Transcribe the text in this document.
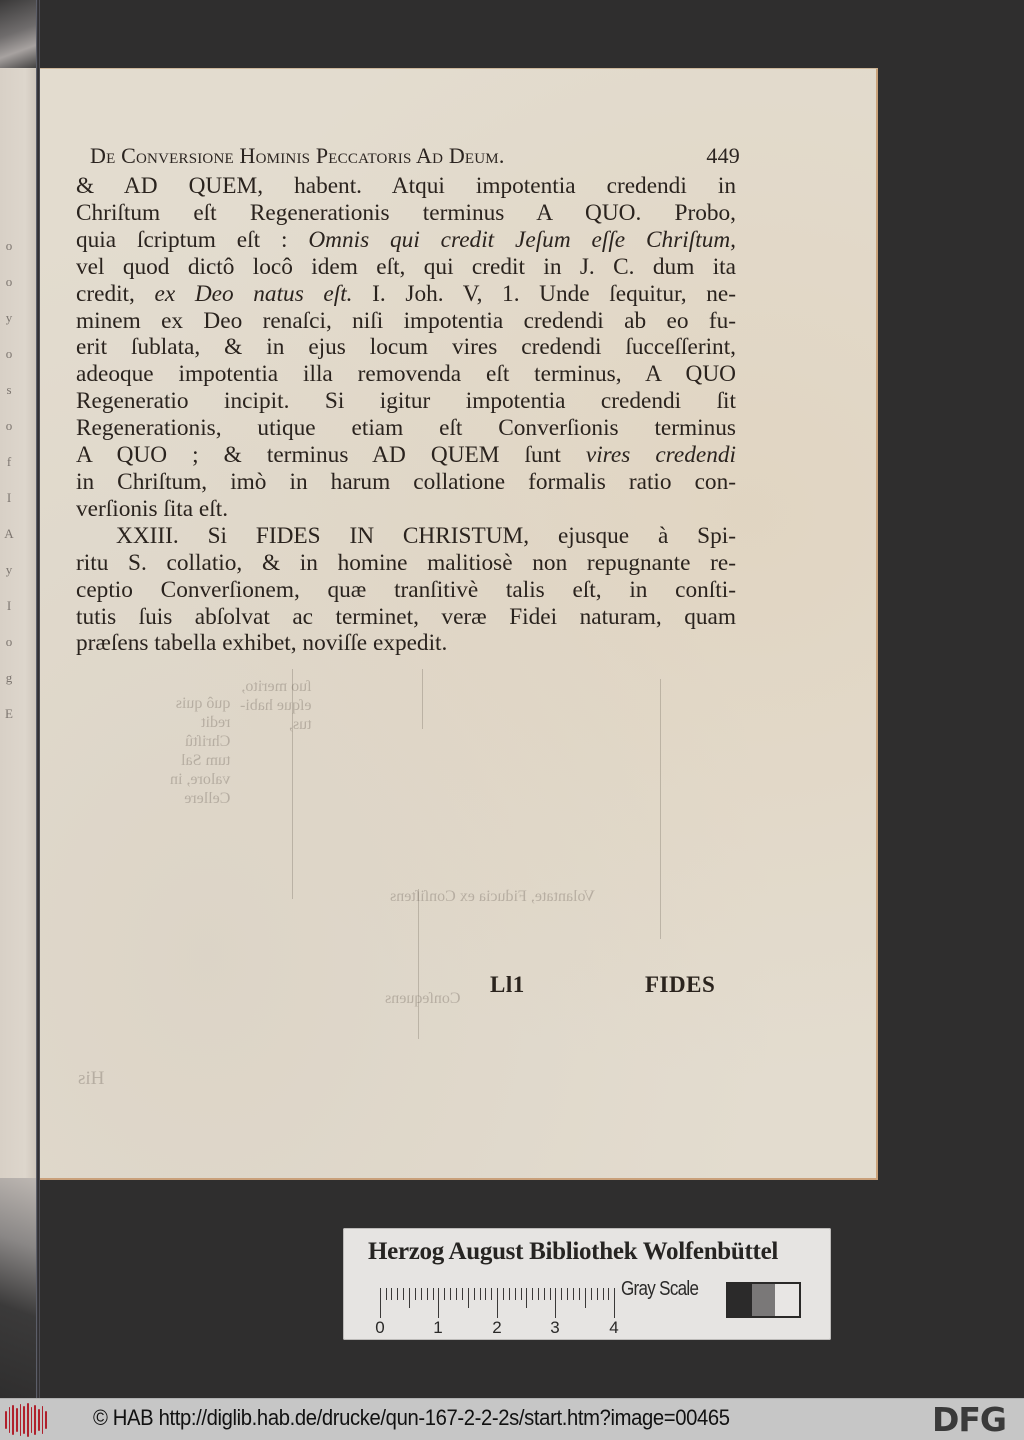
o
o
y
o
s
o
f
I
A
y
I
o
g
E
De Conversione Hominis Peccatoris Ad Deum.	449
& AD QUEM, habent. Atqui impotentia credendi in
Chriſtum eſt Regenerationis terminus A QUO. Probo,
quia ſcriptum eſt : Omnis qui credit Jeſum eſſe Chriſtum,
vel quod dictô locô idem eſt, qui credit in J. C. dum ita
credit, ex Deo natus eſt. I. Joh. V, 1. Unde ſequitur, ne-
minem ex Deo renaſci, niſi impotentia credendi ab eo fu-
erit ſublata, & in ejus locum vires credendi ſucceſſerint,
adeoque impotentia illa removenda eſt terminus, A QUO
Regeneratio incipit. Si igitur impotentia credendi ſit
Regenerationis, utique etiam eſt Converſionis terminus
A QUO ; & terminus AD QUEM ſunt vires credendi
in Chriſtum, imò in harum collatione formalis ratio con-
verſionis ſita eſt.
XXIII. Si FIDES IN CHRISTUM, ejusque à Spi-
ritu S. collatio, & in homine malitiosè non repugnante re-
ceptio Converſionem, quæ tranſitivè talis eſt, in conſti-
tutis ſuis abſolvat ac terminet, veræ Fidei naturam, quam
præſens tabella exhibet, noviſſe expedit.
ſuo merito,
eſque habi-
tus,
quô quis
redit
Chriſtû
tum Sal
valore, in
Cellere
Volantate, Fiducia ex Conſiſtens
Conſequens
His
Ll1	FIDES
Herzog August Bibliothek Wolfenbüttel
0	1	2	3	4
Gray Scale
© HAB http://diglib.hab.de/drucke/qun-167-2-2-2s/start.htm?image=00465	DFG
